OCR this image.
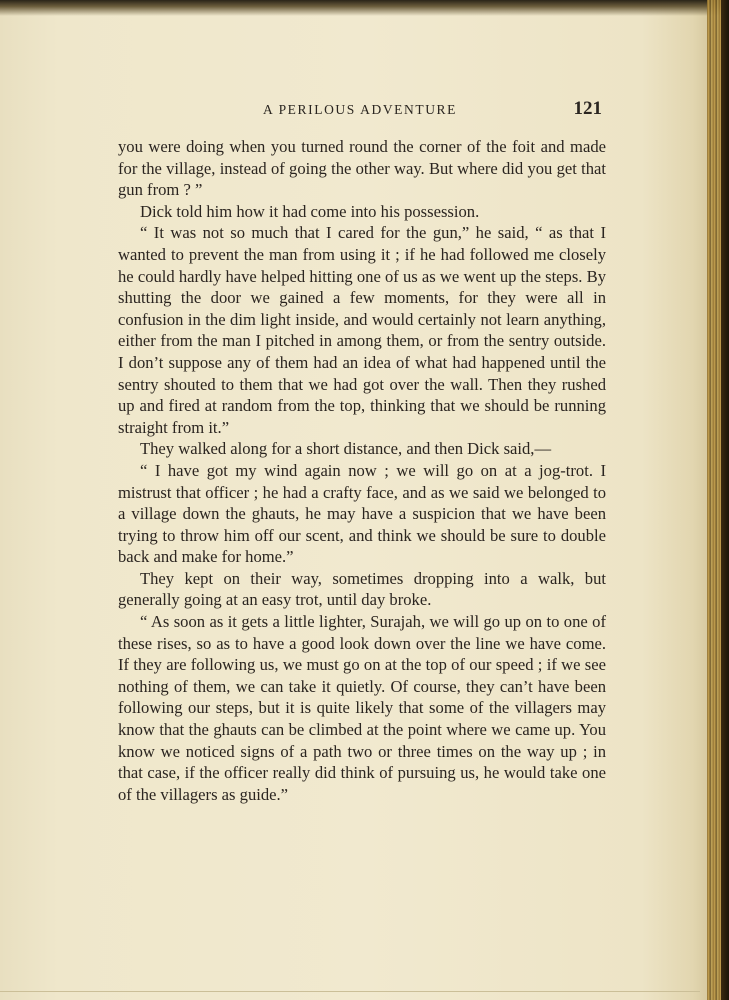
A PERILOUS ADVENTURE	121

you were doing when you turned round the corner of the foit and made for the village, instead of going the other way. But where did you get that gun from ? ”

Dick told him how it had come into his possession.

“ It was not so much that I cared for the gun,” he said, “ as that I wanted to prevent the man from using it ; if he had followed me closely he could hardly have helped hitting one of us as we went up the steps. By shutting the door we gained a few moments, for they were all in confusion in the dim light inside, and would certainly not learn anything, either from the man I pitched in among them, or from the sentry outside. I don’t suppose any of them had an idea of what had happened until the sentry shouted to them that we had got over the wall. Then they rushed up and fired at random from the top, thinking that we should be running straight from it.”

They walked along for a short distance, and then Dick said,—

“ I have got my wind again now ; we will go on at a jog-trot. I mistrust that officer ; he had a crafty face, and as we said we belonged to a village down the ghauts, he may have a suspicion that we have been trying to throw him off our scent, and think we should be sure to double back and make for home.”

They kept on their way, sometimes dropping into a walk, but generally going at an easy trot, until day broke.

“ As soon as it gets a little lighter, Surajah, we will go up on to one of these rises, so as to have a good look down over the line we have come. If they are following us, we must go on at the top of our speed ; if we see nothing of them, we can take it quietly. Of course, they can’t have been following our steps, but it is quite likely that some of the villagers may know that the ghauts can be climbed at the point where we came up. You know we noticed signs of a path two or three times on the way up ; in that case, if the officer really did think of pursuing us, he would take one of the villagers as guide.”
